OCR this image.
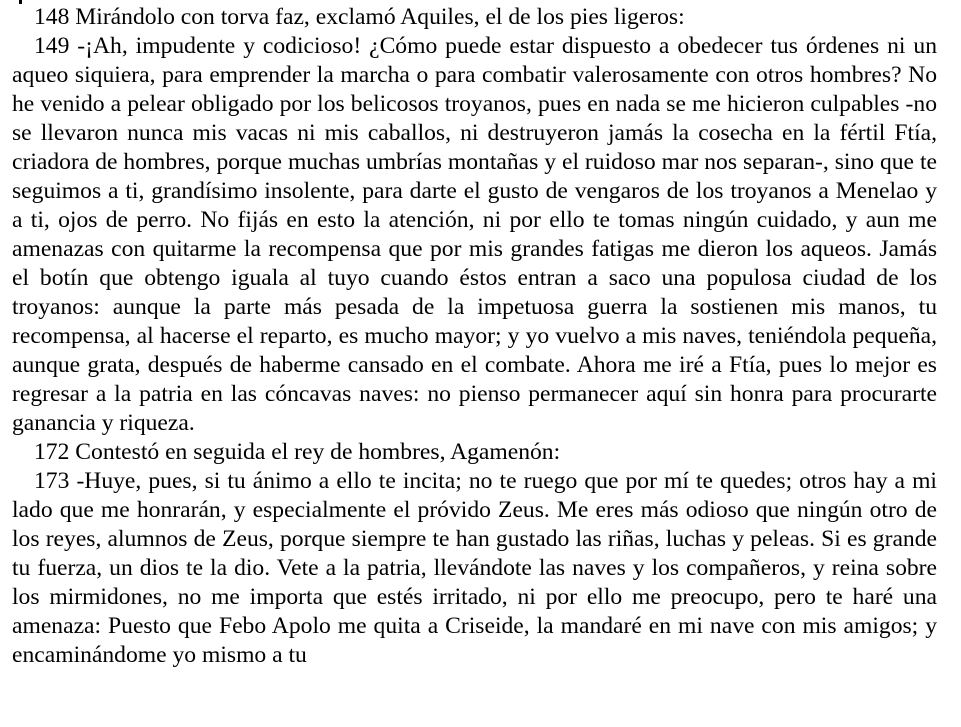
148 Mirándolo con torva faz, exclamó Aquiles, el de los pies ligeros:

149 -¡Ah, impudente y codicioso! ¿Cómo puede estar dispuesto a obedecer tus órdenes ni un aqueo siquiera, para emprender la marcha o para combatir valerosamente con otros hombres? No he venido a pelear obligado por los belicosos troyanos, pues en nada se me hicieron culpables -no se llevaron nunca mis vacas ni mis caballos, ni destruyeron jamás la cosecha en la fértil Ftía, criadora de hombres, porque muchas umbrías montañas y el ruidoso mar nos separan-, sino que te seguimos a ti, grandísimo insolente, para darte el gusto de vengaros de los troyanos a Menelao y a ti, ojos de perro. No fijás en esto la atención, ni por ello te tomas ningún cuidado, y aun me amenazas con quitarme la recompensa que por mis grandes fatigas me dieron los aqueos. Jamás el botín que obtengo iguala al tuyo cuando éstos entran a saco una populosa ciudad de los troyanos: aunque la parte más pesada de la impetuosa guerra la sostienen mis manos, tu recompensa, al hacerse el reparto, es mucho mayor; y yo vuelvo a mis naves, teniéndola pequeña, aunque grata, después de haberme cansado en el combate. Ahora me iré a Ftía, pues lo mejor es regresar a la patria en las cóncavas naves: no pienso permanecer aquí sin honra para procurarte ganancia y riqueza.

172 Contestó en seguida el rey de hombres, Agamenón:

173 -Huye, pues, si tu ánimo a ello te incita; no te ruego que por mí te quedes; otros hay a mi lado que me honrarán, y especialmente el próvido Zeus. Me eres más odioso que ningún otro de los reyes, alumnos de Zeus, porque siempre te han gustado las riñas, luchas y peleas. Si es grande tu fuerza, un dios te la dio. Vete a la patria, llevándote las naves y los compañeros, y reina sobre los mirmidones, no me importa que estés irritado, ni por ello me preocupo, pero te haré una amenaza: Puesto que Febo Apolo me quita a Criseide, la mandaré en mi nave con mis amigos; y encaminándome yo mismo a tu
